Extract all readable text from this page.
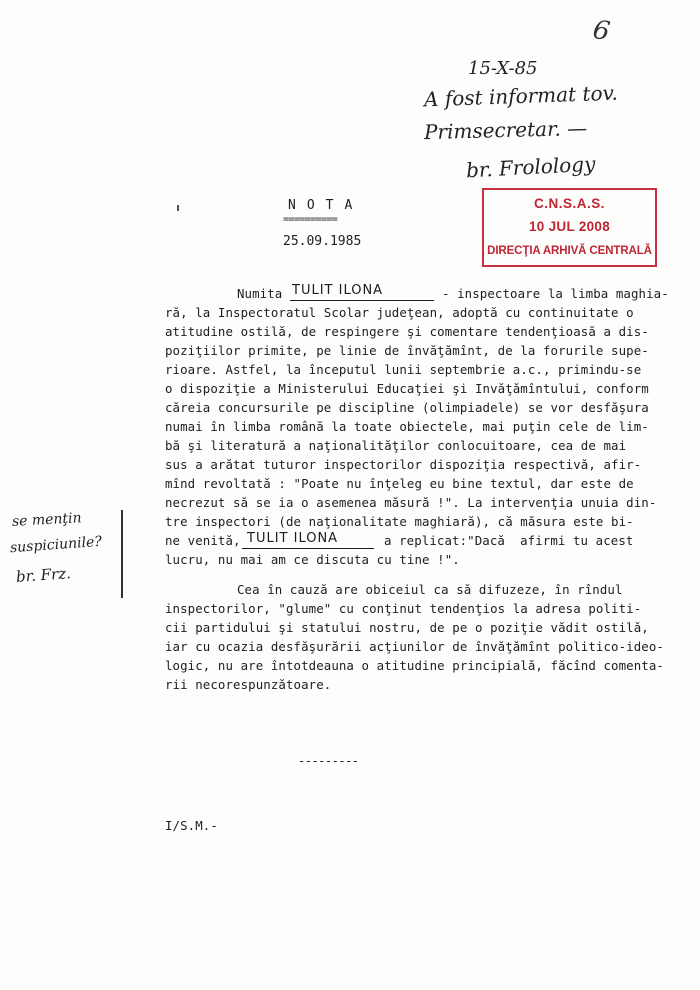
6
15-X-85
A fost informat tov.
Primsecretar. —
br. Frolology
C.N.S.A.S.
10 JUL 2008
DIRECŢIA ARHIVĂ CENTRALĂ
NOTA
==========
25.09.1985
Numita TULIT ILONA	- inspectoare la limba maghia-
ră, la Inspectoratul Scolar judeţean, adoptă cu continuitate o
atitudine ostilă, de respingere şi comentare tendenţioasă a dis-
poziţiilor primite, pe linie de învăţămînt, de la forurile supe-
rioare. Astfel, la începutul lunii septembrie a.c., primindu-se
o dispoziţie a Ministerului Educaţiei şi Invăţămîntului, conform
căreia concursurile pe discipline (olimpiadele) se vor desfăşura
numai în limba română la toate obiectele, mai puţin cele de lim-
bă şi literatură a naţionalităţilor conlocuitoare, cea de mai
sus a arătat tuturor inspectorilor dispoziţia respectivă, afir-
mînd revoltată : "Poate nu înţeleg eu bine textul, dar este de
necrezut să se ia o asemenea măsură !". La intervenţia unuia din-
tre inspectori (de naţionalitate maghiară), că măsura este bi-
ne venită, TULIT ILONA	a replicat:"Dacă  afirmi tu acest
lucru, nu mai am ce discuta cu tine !".
se menţin
suspiciunile?
br. Frz.
Cea în cauză are obiceiul ca să difuzeze, în rîndul
inspectorilor, "glume" cu conţinut tendenţios la adresa politi-
cii partidului şi statului nostru, de pe o poziţie vădit ostilă,
iar cu ocazia desfăşurării acţiunilor de învăţămînt politico-ideo-
logic, nu are întotdeauna o atitudine principială, făcînd comenta-
rii necorespunzătoare.
---------
I/S.M.-
